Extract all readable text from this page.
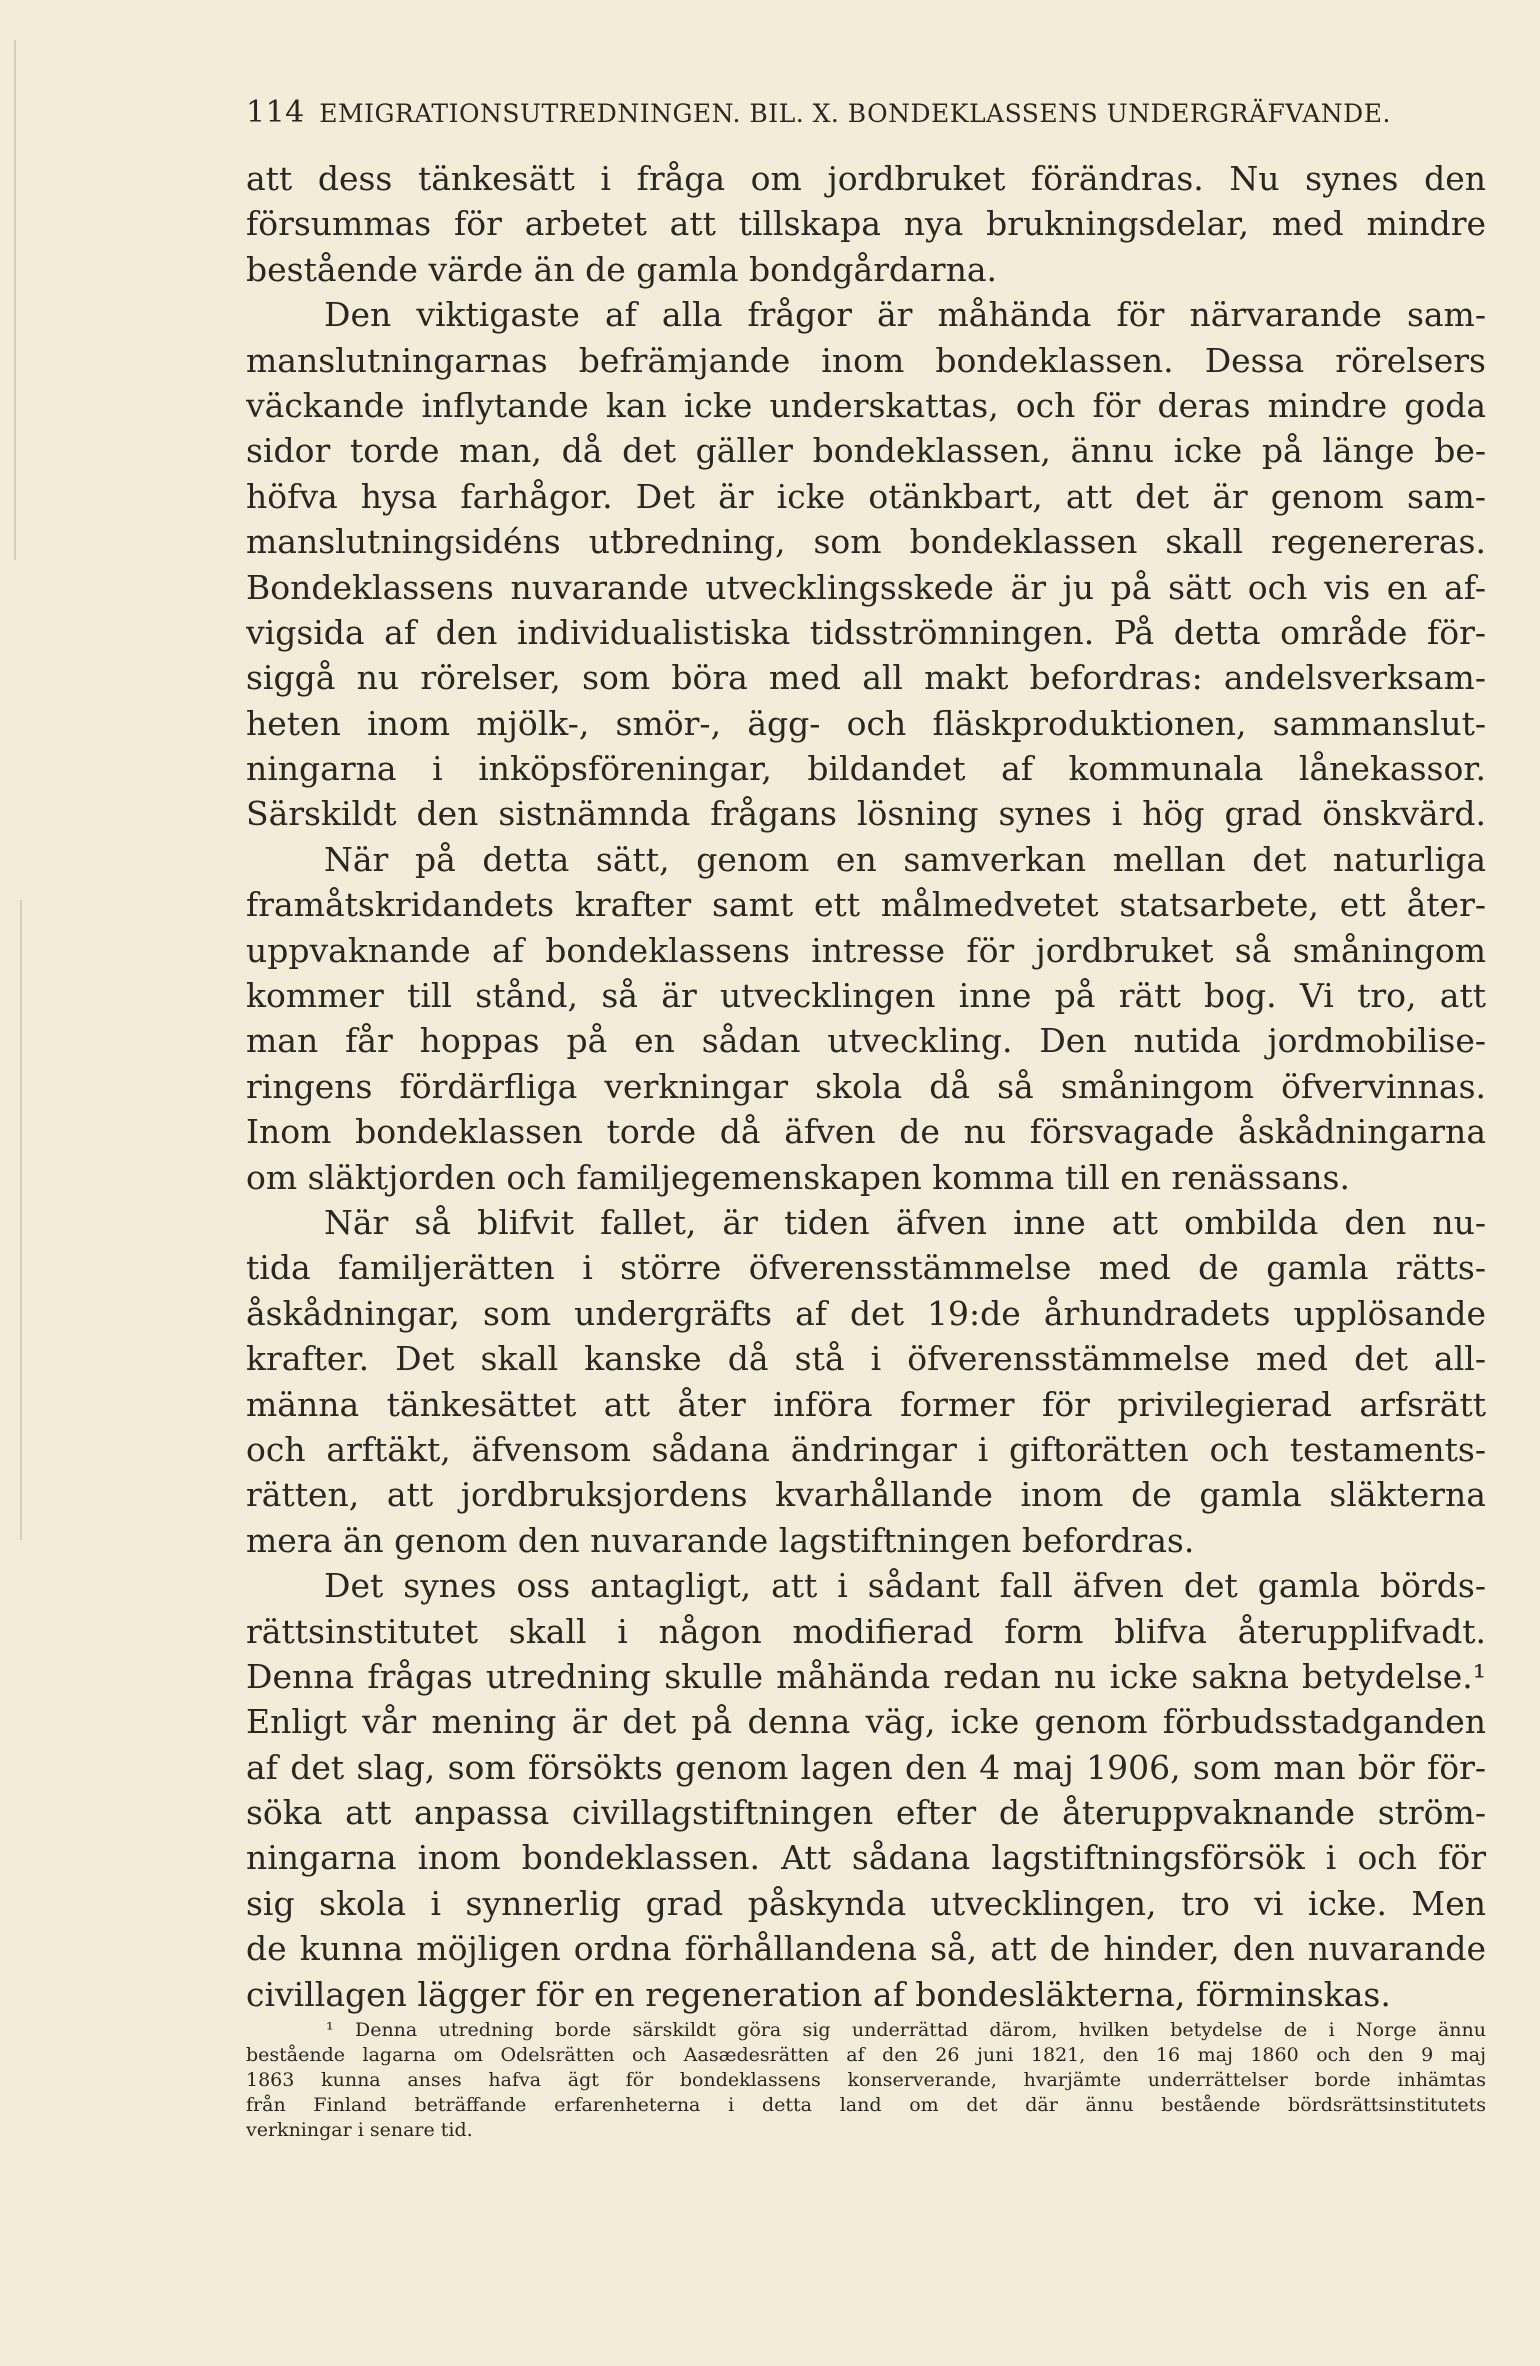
114 EMIGRATIONSUTREDNINGEN. BIL. X. BONDEKLASSENS UNDERGRÄFVANDE.
att dess tänkesätt i fråga om jordbruket förändras. Nu synes den
försummas för arbetet att tillskapa nya brukningsdelar, med mindre
bestående värde än de gamla bondgårdarna.
Den viktigaste af alla frågor är måhända för närvarande sam-
manslutningarnas befrämjande inom bondeklassen. Dessa rörelsers
väckande inflytande kan icke underskattas, och för deras mindre goda
sidor torde man, då det gäller bondeklassen, ännu icke på länge be-
höfva hysa farhågor. Det är icke otänkbart, att det är genom sam-
manslutningsidéns utbredning, som bondeklassen skall regenereras.
Bondeklassens nuvarande utvecklingsskede är ju på sätt och vis en af-
vigsida af den individualistiska tidsströmningen. På detta område för-
siggå nu rörelser, som böra med all makt befordras: andelsverksam-
heten inom mjölk-, smör-, ägg- och fläskproduktionen, sammanslut-
ningarna i inköpsföreningar, bildandet af kommunala lånekassor.
Särskildt den sistnämnda frågans lösning synes i hög grad önskvärd.
När på detta sätt, genom en samverkan mellan det naturliga
framåtskridandets krafter samt ett målmedvetet statsarbete, ett åter-
uppvaknande af bondeklassens intresse för jordbruket så småningom
kommer till stånd, så är utvecklingen inne på rätt bog. Vi tro, att
man får hoppas på en sådan utveckling. Den nutida jordmobilise-
ringens fördärfliga verkningar skola då så småningom öfvervinnas.
Inom bondeklassen torde då äfven de nu försvagade åskådningarna
om släktjorden och familjegemenskapen komma till en renässans.
När så blifvit fallet, är tiden äfven inne att ombilda den nu-
tida familjerätten i större öfverensstämmelse med de gamla rätts-
åskådningar, som undergräfts af det 19:de århundradets upplösande
krafter. Det skall kanske då stå i öfverensstämmelse med det all-
männa tänkesättet att åter införa former för privilegierad arfsrätt
och arftäkt, äfvensom sådana ändringar i giftorätten och testaments-
rätten, att jordbruksjordens kvarhållande inom de gamla släkterna
mera än genom den nuvarande lagstiftningen befordras.
Det synes oss antagligt, att i sådant fall äfven det gamla börds-
rättsinstitutet skall i någon modifierad form blifva återupplifvadt.
Denna frågas utredning skulle måhända redan nu icke sakna betydelse.¹
Enligt vår mening är det på denna väg, icke genom förbudsstadganden
af det slag, som försökts genom lagen den 4 maj 1906, som man bör för-
söka att anpassa civillagstiftningen efter de återuppvaknande ström-
ningarna inom bondeklassen. Att sådana lagstiftningsförsök i och för
sig skola i synnerlig grad påskynda utvecklingen, tro vi icke. Men
de kunna möjligen ordna förhållandena så, att de hinder, den nuvarande
civillagen lägger för en regeneration af bondesläkterna, förminskas.
¹ Denna utredning borde särskildt göra sig underrättad därom, hvilken betydelse de i Norge ännu
bestående lagarna om Odelsrätten och Aasædesrätten af den 26 juni 1821, den 16 maj 1860 och den 9 maj
1863 kunna anses hafva ägt för bondeklassens konserverande, hvarjämte underrättelser borde inhämtas
från Finland beträffande erfarenheterna i detta land om det där ännu bestående bördsrättsinstitutets
verkningar i senare tid.
